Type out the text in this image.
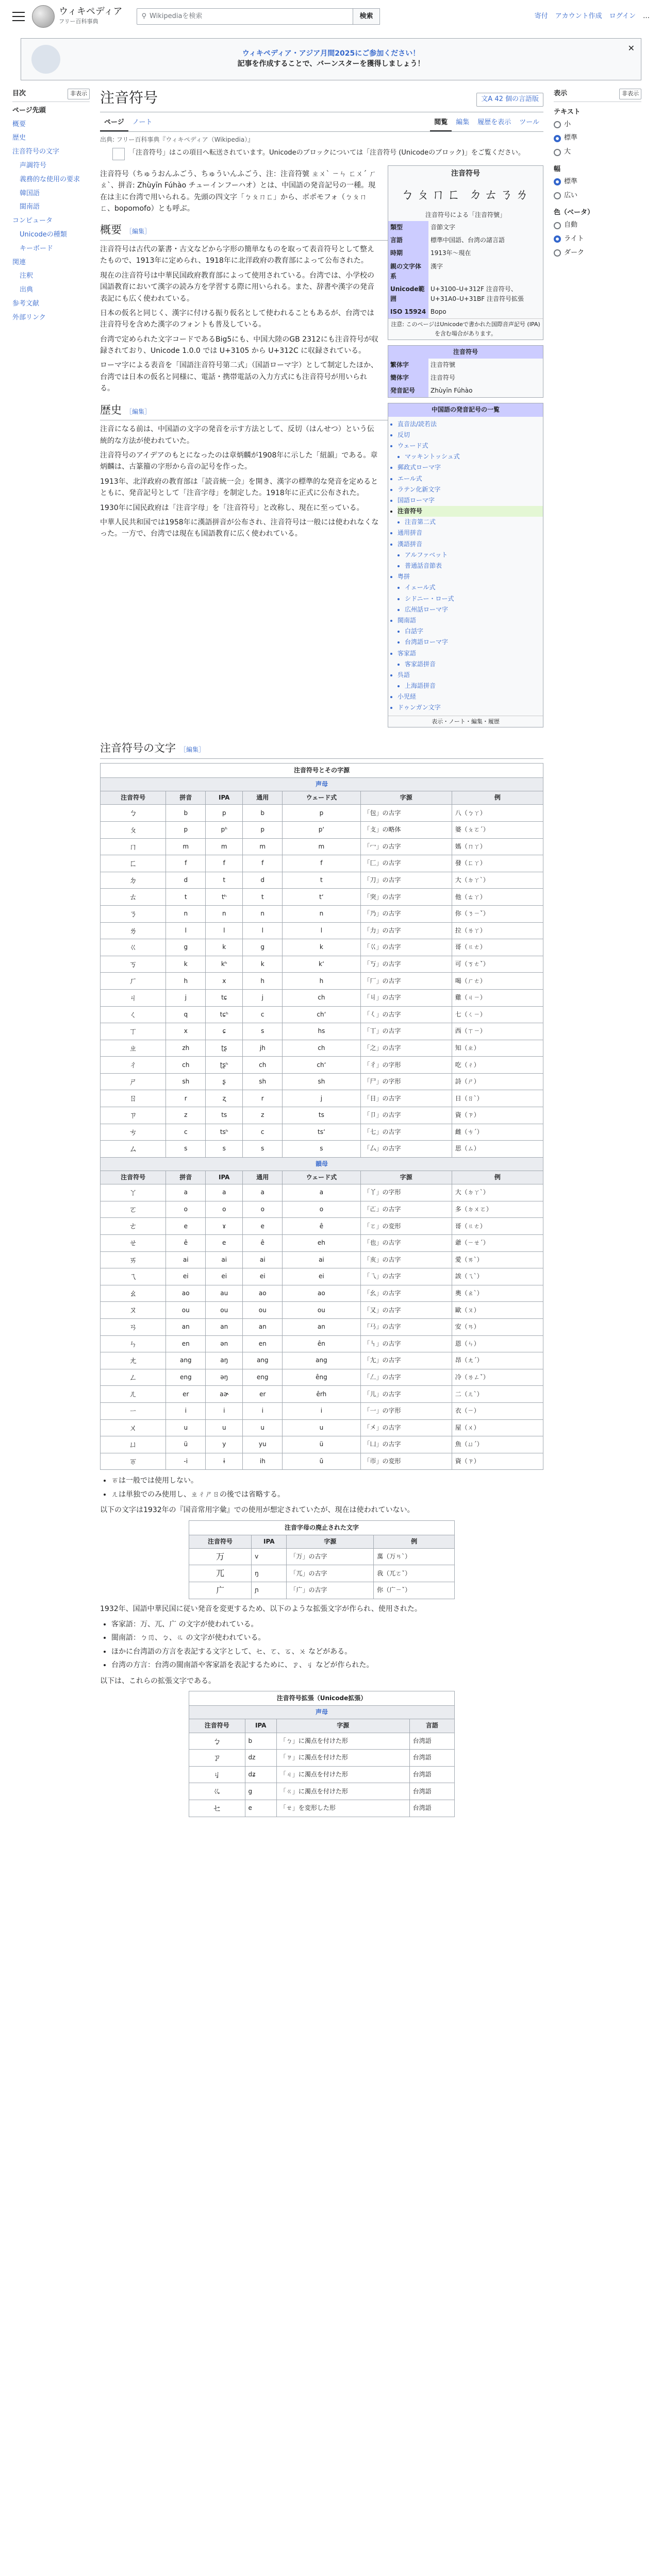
ウィキペディア
フリー百科事典
⚲ Wikipediaを検索	検索	寄付 アカウント作成 ログイン …
ウィキペディア・アジア月間2025にご参加ください！
記事を作成することで、バーンスターを獲得しましょう！
✕
目次	非表示
ページ先頭
概要
歴史
注音符号の文字
声調符号
義務的な使用の要求
韓国語
閩南語
コンピュータ
Unicodeの種類
キーボード
関連
注釈
出典
参考文献
外部リンク
注音符号	文A 42 個の言語版
ページ	ノート	閲覧	編集	履歴を表示	ツール
出典: フリー百科事典『ウィキペディア（Wikipedia）』
「注音符号」はこの項目へ転送されています。Unicodeのブロックについては「注音符号 (Unicodeのブロック)」をご覧ください。
注音符号
ㄅㄆㄇㄈ ㄉㄊㄋㄌ
注音符号による「注音符號」
類型	音節文字
言語	標準中国語、台湾の諸言語
時期	1913年～現在
親の文字体系	漢字
Unicode範囲	U+3100–U+312F 注音符号、U+31A0–U+31BF 注音符号拡張
ISO 15924	Bopo
注意: このページはUnicodeで書かれた国際音声記号 (IPA) を含む場合があります。
注音符号
繁体字	注音符號
簡体字	注音符号
発音記号	Zhùyīn Fúhào
中国語の発音記号の一覧
• 直音法/読若法
• 反切
• ウェード式
• マッキントッシュ式
• 郵政式ローマ字
• エール式
• ラテン化新文字
• 国語ローマ字
• 注音符号
• 注音第二式
• 通用拼音
• 漢語拼音
• アルファベット
• 普通話音節表
• 粤拼
• イェール式
• シドニー・ロー式
• 広州話ローマ字
• 閩南語
• 白話字
• 台湾語ローマ字
• 客家語
• 客家語拼音
• 呉語
• 上海語拼音
• 小児経
• ドゥンガン文字
表示・ノート・編集・履歴

注音符号（ちゅうおんふごう、ちゅういんふごう、注：注音符號 ㄓㄨˋ ㄧㄣ ㄈㄨˊ ㄏㄠˋ、拼音: Zhùyīn Fúhào チューインフーハオ）とは、中国語の発音記号の一種。現在は主に台湾で用いられる。先頭の四文字「ㄅㄆㄇㄈ」から、ボポモフォ（ㄅㄆㄇㄈ、bopomofo）とも呼ぶ。

概要 ［編集］

注音符号は古代の篆書・古文などから字形の簡単なものを取って表音符号として整えたもので、1913年に定められ、1918年に北洋政府の教育部によって公布された。

現在の注音符号は中華民国政府教育部によって使用されている。台湾では、小学校の国語教育において漢字の読み方を学習する際に用いられる。また、辞書や漢字の発音表記にも広く使われている。

日本の仮名と同じく、漢字に付ける振り仮名として使われることもあるが、台湾では注音符号を含めた漢字のフォントも普及している。

台湾で定められた文字コードであるBig5にも、中国大陸のGB 2312にも注音符号が収録されており、Unicode 1.0.0 では U+3105 から U+312C に収録されている。

ローマ字による表音を「国語注音符号第二式」（国語ローマ字）として制定したほか、台湾では日本の仮名と同様に、電話・携帯電話の入力方式にも注音符号が用いられる。

歴史 ［編集］

注音になる前は、中国語の文字の発音を示す方法として、反切（はんせつ）という伝統的な方法が使われていた。

注音符号のアイデアのもとになったのは章炳麟が1908年に示した「紐韻」である。章炳麟は、古篆籀の字形から音の記号を作った。

1913年、北洋政府の教育部は「読音統一会」を開き、漢字の標準的な発音を定めるとともに、発音記号として「注音字母」を制定した。1918年に正式に公布された。

1930年に国民政府は「注音字母」を「注音符号」と改称し、現在に至っている。

中華人民共和国では1958年に漢語拼音が公布され、注音符号は一般には使われなくなった。一方で、台湾では現在も国語教育に広く使われている。

注音符号の文字 ［編集］
注音符号とその字源						
声母						
注音符号	拼音	IPA	通用	ウェード式	字源	例
ㄅ	b	p	b	p	「包」の古字	八（ㄅㄚ）
ㄆ	p	pʰ	p	pʻ	「攴」の略体	婆（ㄆㄛˊ）
ㄇ	m	m	m	m	「冖」の古字	媽（ㄇㄚ）
ㄈ	f	f	f	f	「匚」の古字	發（ㄈㄚ）
ㄉ	d	t	d	t	「刀」の古字	大（ㄉㄚˋ）
ㄊ	t	tʰ	t	tʻ	「突」の古字	他（ㄊㄚ）
ㄋ	n	n	n	n	「乃」の古字	你（ㄋㄧˇ）
ㄌ	l	l	l	l	「力」の古字	拉（ㄌㄚ）
ㄍ	g	k	g	k	「巜」の古字	哥（ㄍㄜ）
ㄎ	k	kʰ	k	kʻ	「丂」の古字	可（ㄎㄜˇ）
ㄏ	h	x	h	h	「厂」の古字	喝（ㄏㄜ）
ㄐ	j	tɕ	j	ch	「丩」の古字	雞（ㄐㄧ）
ㄑ	q	tɕʰ	c	chʻ	「𡿨」の古字	七（ㄑㄧ）
ㄒ	x	ɕ	s	hs	「丅」の古字	西（ㄒㄧ）
ㄓ	zh	ʈʂ	jh	ch	「之」の古字	知（ㄓ）
ㄔ	ch	ʈʂʰ	ch	chʻ	「彳」の字形	吃（ㄔ）
ㄕ	sh	ʂ	sh	sh	「尸」の字形	詩（ㄕ）
ㄖ	r	ʐ	r	j	「日」の古字	日（ㄖˋ）
ㄗ	z	ts	z	ts	「卩」の古字	資（ㄗ）
ㄘ	c	tsʰ	c	tsʻ	「七」の古字	雌（ㄘˊ）
ㄙ	s	s	s	s	「厶」の古字	思（ㄙ）
韻母						
注音符号	拼音	IPA	通用	ウェード式	字源	例
ㄚ	a	a	a	a	「丫」の字形	大（ㄉㄚˋ）
ㄛ	o	o	o	o	「𠀀」の古字	多（ㄉㄨㄛ）
ㄜ	e	ɤ	e	ê	「ㄛ」の変形	哥（ㄍㄜ）
ㄝ	ê	e	ê	eh	「也」の古字	爺（ㄧㄝˊ）
ㄞ	ai	ai	ai	ai	「亥」の古字	愛（ㄞˋ）
ㄟ	ei	ei	ei	ei	「乁」の古字	誒（ㄟˋ）
ㄠ	ao	au	ao	ao	「幺」の古字	奧（ㄠˋ）
ㄡ	ou	ou	ou	ou	「又」の古字	歐（ㄡ）
ㄢ	an	an	an	an	「𢎘」の古字	安（ㄢ）
ㄣ	en	ən	en	ên	「𠃑」の古字	恩（ㄣ）
ㄤ	ang	aŋ	ang	ang	「尢」の古字	昂（ㄤˊ）
ㄥ	eng	əŋ	eng	êng	「𠃋」の古字	冷（ㄌㄥˇ）
ㄦ	er	aɚ	er	êrh	「儿」の古字	二（ㄦˋ）
ㄧ	i	i	i	i	「一」の字形	衣（ㄧ）
ㄨ	u	u	u	u	「㐅」の古字	屋（ㄨ）
ㄩ	ü	y	yu	ü	「凵」の古字	魚（ㄩˊ）
ㄭ	-i	ɨ	ih	ŭ	「帀」の変形	資（ㄗ）
• ㄭは一般では使用しない。
• ㄦは単独でのみ使用し、ㄓㄔㄕㄖの後では省略する。

以下の文字は1932年の『国音常用字彙』での使用が想定されていたが、現在は使われていない。

注音字母の廃止された文字			
注音符号	IPA	字源	例
ㄪ	v	「万」の古字	萬（ㄪㄢˋ）
ㄫ	ŋ	「兀」の古字	我（ㄫㄛˇ）
ㄬ	ɲ	「广」の古字	你（ㄬㄧˇ）

1932年、国語中華民国に従い発音を変更するため、以下のような拡張文字が作られ、使用された。

• 客家語：ㄪ、ㄫ、ㄬ の文字が使われている。
• 閩南語：ㄅㆬ、ㆠ、ㆣ の文字が使われている。
• ほかに台湾語の方言を表記する文字として、ㆤ、ㆦ、ㆧ、ㆨ などがある。
• 台湾の方言：台湾の閩南語や客家語を表記するために、ㆡ、ㆢ などが作られた。

以下は、これらの拡張文字である。

注音符号拡張（Unicode拡張）			
声母			
注音符号	IPA	字源	言語
ㆠ	b	「ㄅ」に濁点を付けた形	台湾語
ㆡ	dz	「ㄗ」に濁点を付けた形	台湾語
ㆢ	dʑ	「ㄐ」に濁点を付けた形	台湾語
ㆣ	g	「ㄍ」に濁点を付けた形	台湾語
ㆤ	e	「ㄝ」を変形した形	台湾語
表示	非表示
テキスト
小
標準
大
幅
標準
広い
色（ベータ）
自動
ライト
ダーク
